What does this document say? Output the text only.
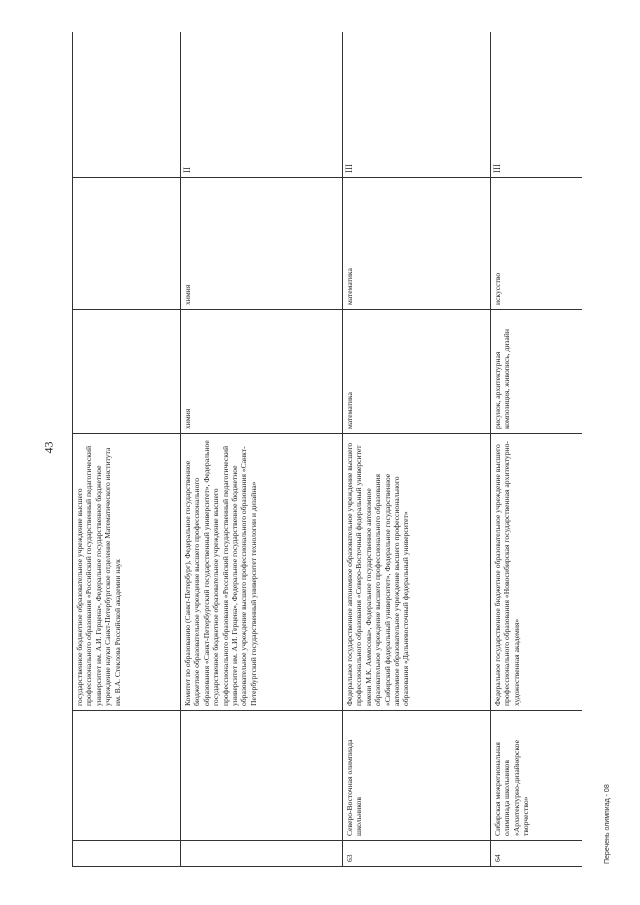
43
		государственное бюджетное образовательное учреждение высшего профессионального образования «Российский государственный педагогический университет им. А.И. Герцена», Федеральное государственное бюджетное учреждение науки Санкт-Петербургское отделение Математического института им. В.А. Стеклова Российской академии наук			
		Комитет по образованию (Санкт-Петербург), Федеральное государственное бюджетное образовательное учреждение высшего профессионального образования «Санкт-Петербургский государственный университет», Федеральное государственное бюджетное образовательное учреждение высшего профессионального образования «Российский государственный педагогический университет им. А.И. Герцена», Федеральное государственное бюджетное образовательное учреждение высшего профессионального образования «Санкт-Петербургский государственный университет технологии и дизайна»	химия	химия	II
63	Северо-Восточная олимпиада школьников	Федеральное государственное автономное образовательное учреждение высшего профессионального образования «Северо-Восточный федеральный университет имени М.К. Аммосова», Федеральное государственное автономное образовательное учреждение высшего профессионального образования «Сибирский федеральный университет», Федеральное государственное автономное образовательное учреждение высшего профессионального образования «Дальневосточный федеральный университет»	математика	математика	III
64	Сибирская межрегиональная олимпиада школьников «Архитектурно-дизайнерское творчество»	Федеральное государственное бюджетное образовательное учреждение высшего профессионального образования «Новосибирская государственная архитектурно-художественная академия»	рисунок, архитектурная композиция, живопись, дизайн	искусство	III
Перечень олимпиад - 08
